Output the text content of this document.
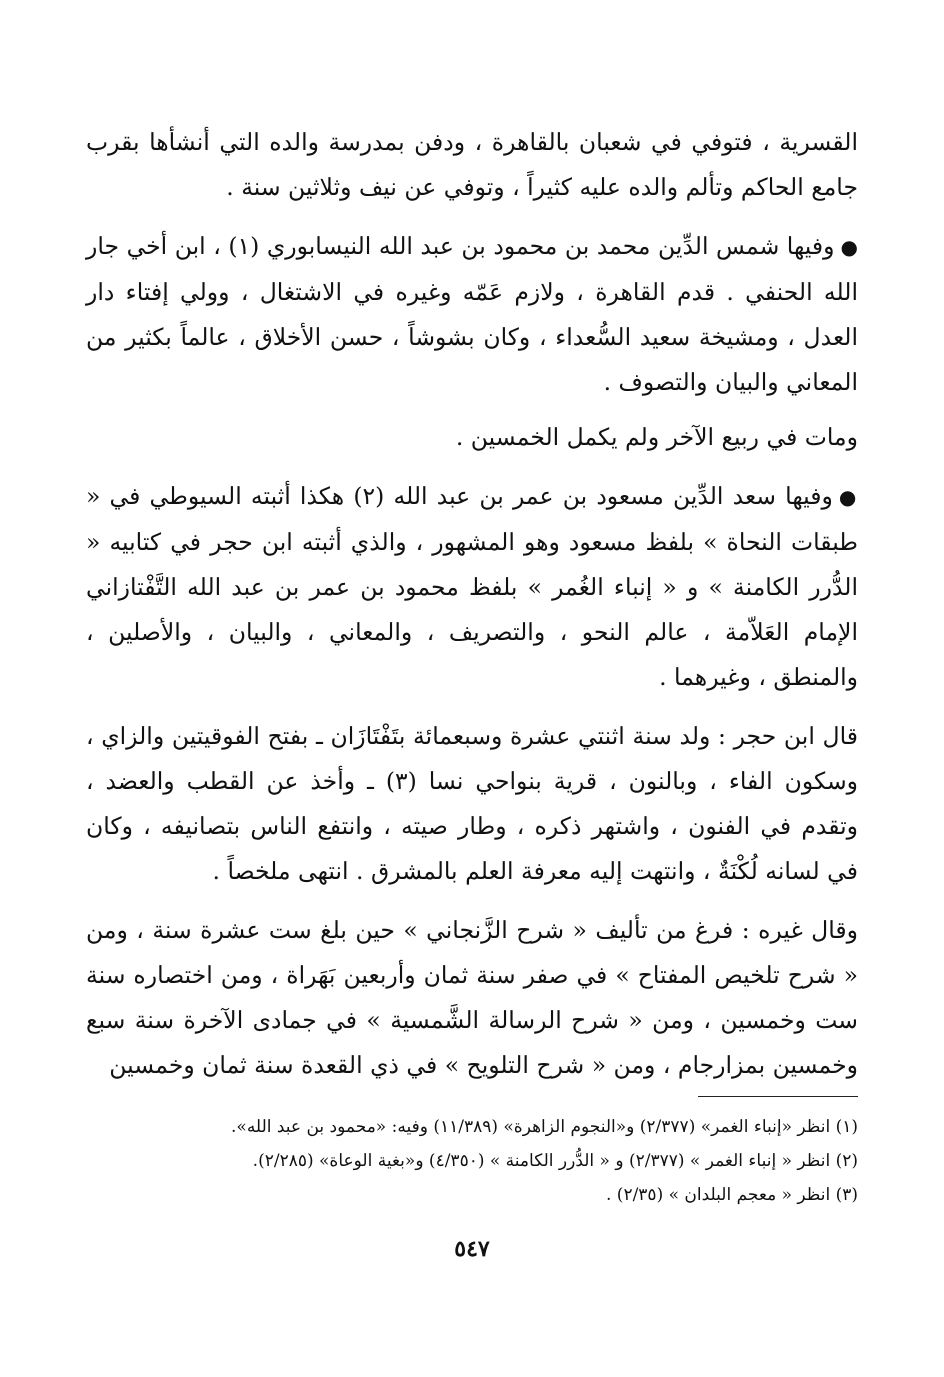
القسرية ، فتوفي في شعبان بالقاهرة ، ودفن بمدرسة والده التي أنشأها بقرب جامع الحاكم وتألم والده عليه كثيراً ، وتوفي عن نيف وثلاثين سنة .

●وفيها شمس الدِّين محمد بن محمود بن عبد الله النيسابوري (١) ، ابن أخي جار الله الحنفي . قدم القاهرة ، ولازم عَمّه وغيره في الاشتغال ، وولي إفتاء دار العدل ، ومشيخة سعيد السُّعداء ، وكان بشوشاً ، حسن الأخلاق ، عالماً بكثير من المعاني والبيان والتصوف .

ومات في ربيع الآخر ولم يكمل الخمسين .

●وفيها سعد الدِّين مسعود بن عمر بن عبد الله (٢) هكذا أثبته السيوطي في « طبقات النحاة » بلفظ مسعود وهو المشهور ، والذي أثبته ابن حجر في كتابيه « الدُّرر الكامنة » و « إنباء الغُمر » بلفظ محمود بن عمر بن عبد الله التَّفْتازاني الإمام العَلاّمة ، عالم النحو ، والتصريف ، والمعاني ، والبيان ، والأصلين ، والمنطق ، وغيرهما .

قال ابن حجر : ولد سنة اثنتي عشرة وسبعمائة بتَفْتَازَان ـ بفتح الفوقيتين والزاي ، وسكون الفاء ، وبالنون ، قرية بنواحي نسا (٣) ـ وأخذ عن القطب والعضد ، وتقدم في الفنون ، واشتهر ذكره ، وطار صيته ، وانتفع الناس بتصانيفه ، وكان في لسانه لُكْنَةٌ ، وانتهت إليه معرفة العلم بالمشرق . انتهى ملخصاً .

وقال غيره : فرغ من تأليف « شرح الزَّنجاني » حين بلغ ست عشرة سنة ، ومن « شرح تلخيص المفتاح » في صفر سنة ثمان وأربعين بَهَراة ، ومن اختصاره سنة ست وخمسين ، ومن « شرح الرسالة الشَّمسية » في جمادى الآخرة سنة سبع وخمسين بمزارجام ، ومن « شرح التلويح » في ذي القعدة سنة ثمان وخمسين

(١) انظر «إنباء الغمر» (٢/٣٧٧) و«النجوم الزاهرة» (١١/٣٨٩) وفيه: «محمود بن عبد الله».
(٢) انظر « إنباء الغمر » (٢/٣٧٧) و « الدُّرر الكامنة » (٤/٣٥٠) و«بغية الوعاة» (٢/٢٨٥).
(٣) انظر « معجم البلدان » (٢/٣٥) .
٥٤٧
